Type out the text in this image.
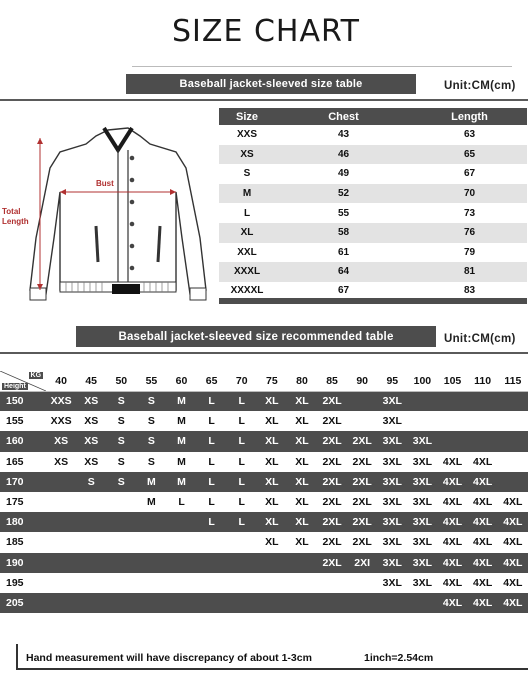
SIZE CHART
Baseball jacket-sleeved size table	Unit:CM(cm)
Bust
Total
Length
Size	Chest	Length
XXS	43	63
XS	46	65
S	49	67
M	52	70
L	55	73
XL	58	76
XXL	61	79
XXXL	64	81
XXXXL	67	83
Baseball jacket-sleeved size recommended table	Unit:CM(cm)
KG
Height	40	45	50	55	60	65	70	75	80	85	90	95	100	105	110	115
150	XXS	XS	S	S	M	L	L	XL	XL	2XL		3XL				
155	XXS	XS	S	S	M	L	L	XL	XL	2XL		3XL				
160	XS	XS	S	S	M	L	L	XL	XL	2XL	2XL	3XL	3XL			
165	XS	XS	S	S	M	L	L	XL	XL	2XL	2XL	3XL	3XL	4XL	4XL	
170		S	S	M	M	L	L	XL	XL	2XL	2XL	3XL	3XL	4XL	4XL	
175				M	L	L	L	XL	XL	2XL	2XL	3XL	3XL	4XL	4XL	4XL
180						L	L	XL	XL	2XL	2XL	3XL	3XL	4XL	4XL	4XL
185								XL	XL	2XL	2XL	3XL	3XL	4XL	4XL	4XL
190										2XL	2XI	3XL	3XL	4XL	4XL	4XL
195												3XL	3XL	4XL	4XL	4XL
205														4XL	4XL	4XL
Hand measurement will have discrepancy of about 1-3cm	1inch=2.54cm
